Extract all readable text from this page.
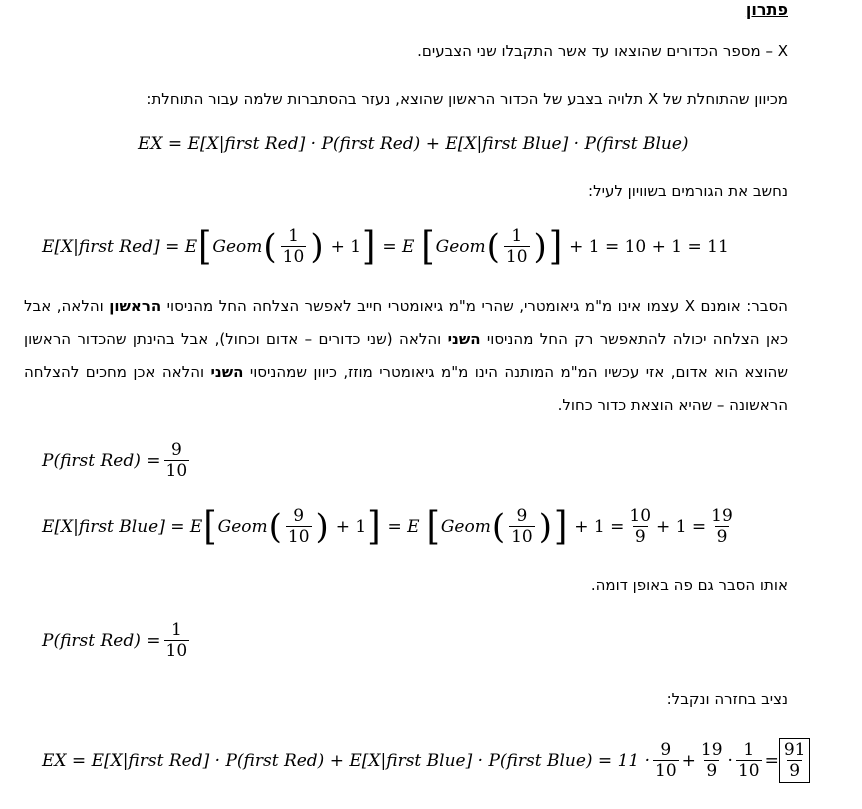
פתרון
X – מספר הכדורים שהוצאו עד אשר התקבלו שני הצבעים.
מכיוון שהתוחלת של X תלויה בצבע של הכדור הראשון שהוצא, נעזר בהסתברות שלמה עבור התוחלת:
EX = E[X|first Red] · P(first Red) + E[X|first Blue] · P(first Blue)
נחשב את הגורמים בשוויון לעיל:
E[X|first Red] = E [ Geom ( $\frac{1}{10}$ ) + 1 ] = E [ Geom ( $\frac{1}{10}$ ) ] + 1 = 10 + 1 = 11
הסבר: אומנם X עצמו אינו מ"מ גיאומטרי, שהרי מ"מ גיאומטרי חייב לאפשר הצלחה החל מהניסוי הראשון והלאה, אבל כאן הצלחה יכולה להתאפשר רק החל מהניסוי השני והלאה (שני כדורים – אדום וכחול), אבל בהינתן שהכדור הראשון שהוצא הוא אדום, אזי עכשיו המ"מ המותנה הינו מ"מ גיאומטרי מוזז, כיוון שמהניסוי השני והלאה אכן מחכים להצלחה הראשונה – שהיא הוצאת כדור כחול.
P(first $Red) = \frac{9}{10}$
E[X|first Blue] = E [ Geom ( $\frac{9}{10}$ ) + 1 ] = E [ Geom ( $\frac{9}{10}$ ) ] + $1 = \frac{10}{9} + 1 = \frac{19}{9}$
אותו הסבר גם פה באופן דומה.
P(first $Red) = \frac{1}{10}$
נציב בחזרה ונקבל:
EX = E[X|first Red] · P(first Red) + E[X|first Blue] · P(first Blue) = $11 \cdot \frac{9}{10} + \frac{19}{9} \cdot \frac{1}{10} = \frac{91}{9}$
